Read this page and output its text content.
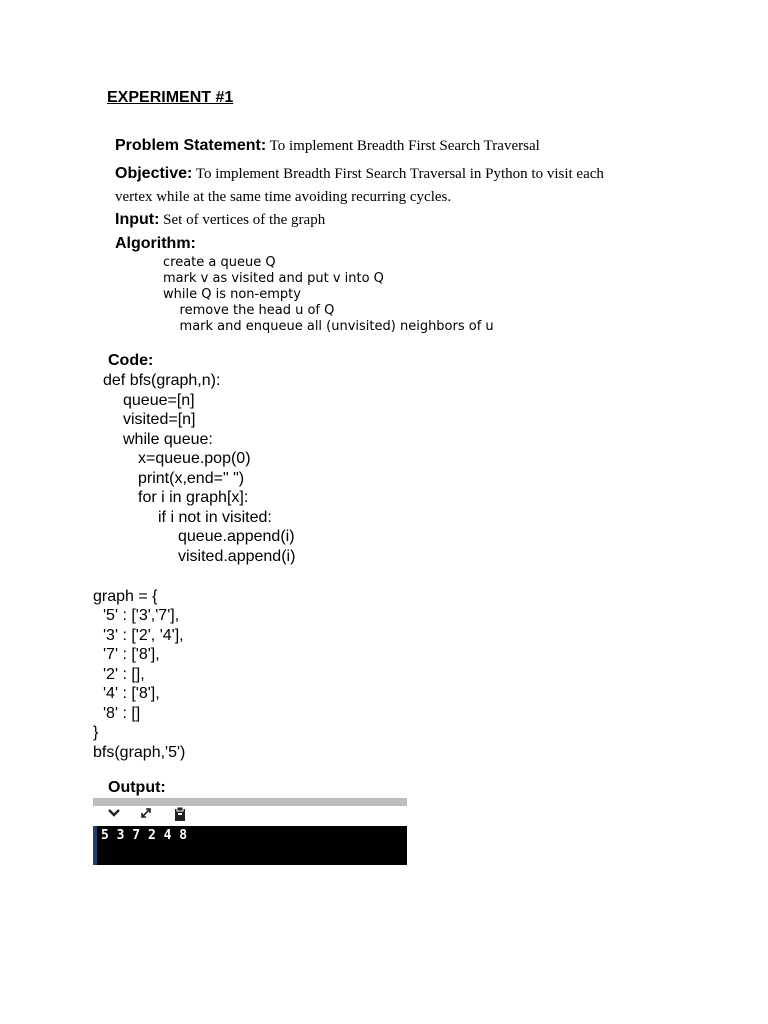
EXPERIMENT #1
Problem Statement: To implement Breadth First Search Traversal
Objective: To implement Breadth First Search Traversal in Python to visit each
vertex while at the same time avoiding recurring cycles.
Input: Set of vertices of the graph
Algorithm:
create a queue Q
mark v as visited and put v into Q
while Q is non-empty
remove the head u of Q
mark and enqueue all (unvisited) neighbors of u
Code:
def bfs(graph,n):
queue=[n]
visited=[n]
while queue:
x=queue.pop(0)
print(x,end=" ")
for i in graph[x]:
if i not in visited:
queue.append(i)
visited.append(i)
graph = {
'5' : ['3','7'],
'3' : ['2', '4'],
'7' : ['8'],
'2' : [],
'4' : ['8'],
'8' : []
}
bfs(graph,'5')
Output:
5 3 7 2 4 8
